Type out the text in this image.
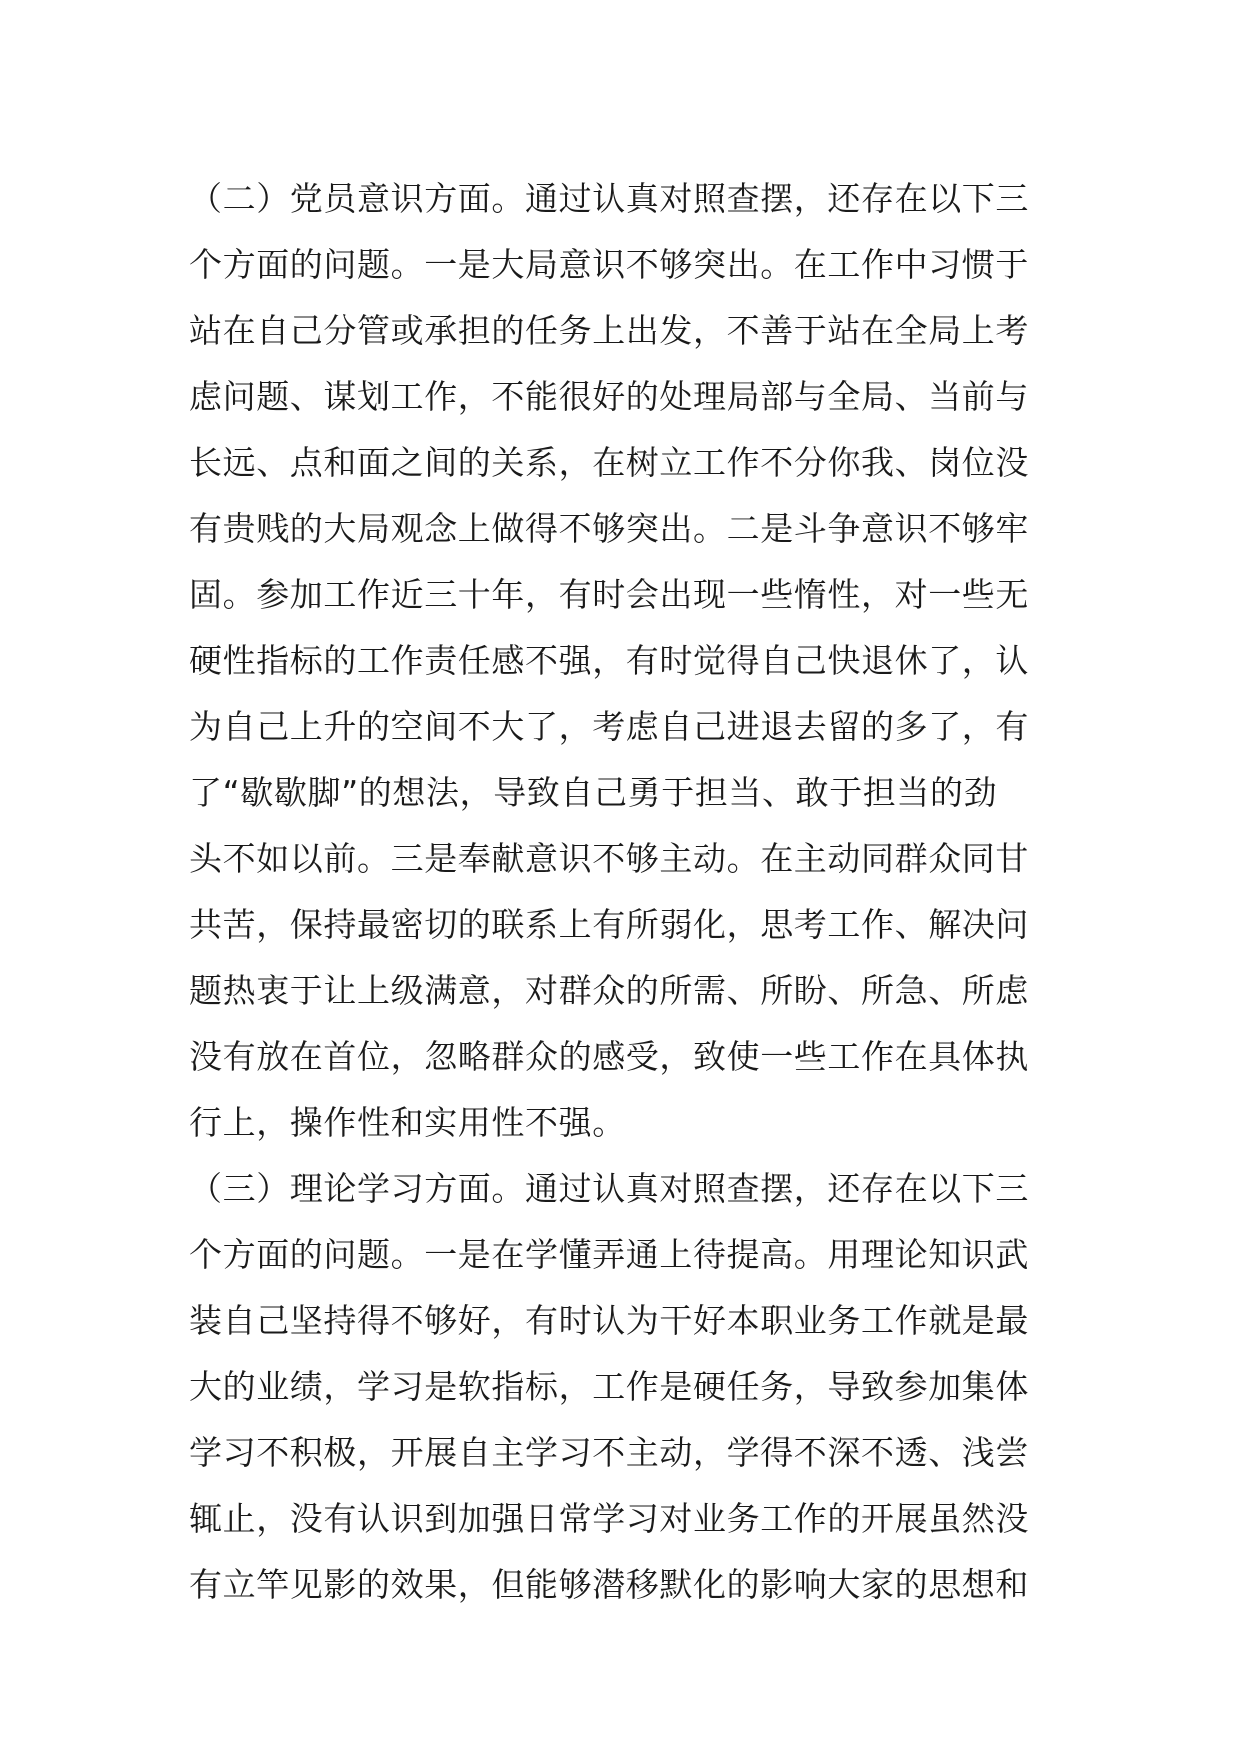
（二）党员意识方面。通过认真对照查摆，还存在以下三
个方面的问题。一是大局意识不够突出。在工作中习惯于
站在自己分管或承担的任务上出发，不善于站在全局上考
虑问题、谋划工作，不能很好的处理局部与全局、当前与
长远、点和面之间的关系，在树立工作不分你我、岗位没
有贵贱的大局观念上做得不够突出。二是斗争意识不够牢
固。参加工作近三十年，有时会出现一些惰性，对一些无
硬性指标的工作责任感不强，有时觉得自己快退休了，认
为自己上升的空间不大了，考虑自己进退去留的多了，有
了“歇歇脚”的想法，导致自己勇于担当、敢于担当的劲
头不如以前。三是奉献意识不够主动。在主动同群众同甘
共苦，保持最密切的联系上有所弱化，思考工作、解决问
题热衷于让上级满意，对群众的所需、所盼、所急、所虑
没有放在首位，忽略群众的感受，致使一些工作在具体执
行上，操作性和实用性不强。
（三）理论学习方面。通过认真对照查摆，还存在以下三
个方面的问题。一是在学懂弄通上待提高。用理论知识武
装自己坚持得不够好，有时认为干好本职业务工作就是最
大的业绩，学习是软指标，工作是硬任务，导致参加集体
学习不积极，开展自主学习不主动，学得不深不透、浅尝
辄止，没有认识到加强日常学习对业务工作的开展虽然没
有立竿见影的效果，但能够潜移默化的影响大家的思想和
